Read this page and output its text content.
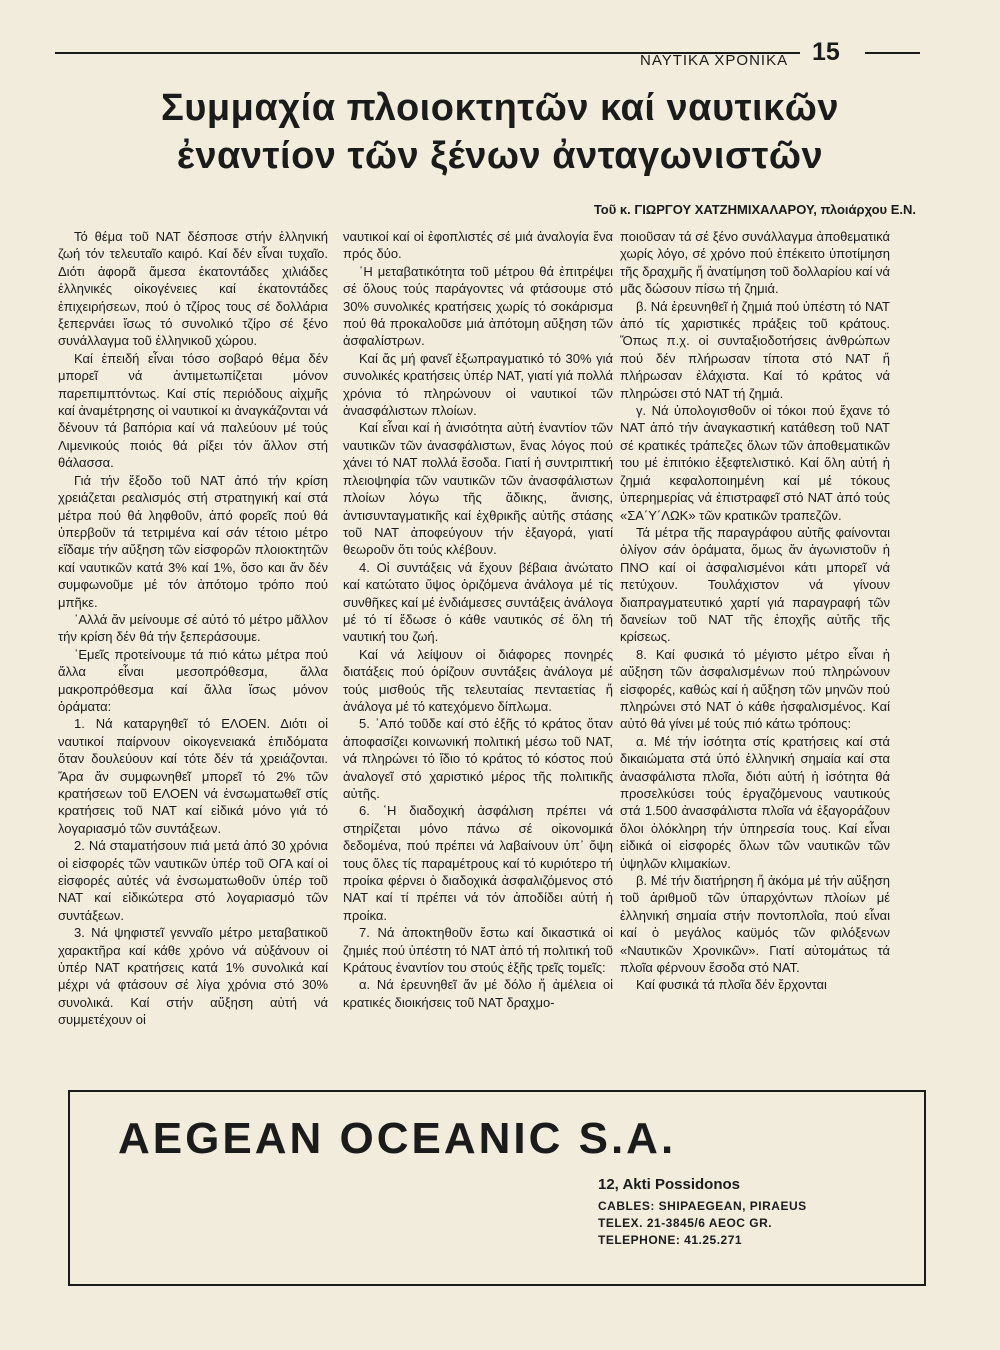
ΝΑΥΤΙΚΑ ΧΡΟΝΙΚΑ 15
Συμμαχία πλοιοκτητῶν καί ναυτικῶν
ἐναντίον τῶν ξένων ἀνταγωνιστῶν
Τοῦ κ. ΓΙΩΡΓΟΥ ΧΑΤΖΗΜΙΧΑΛΑΡΟΥ, πλοιάρχου Ε.Ν.

Τό θέμα τοῦ ΝΑΤ δέσποσε στήν ἑλληνική ζωή τόν τελευταῖο καιρό. Καί δέν εἶναι τυχαῖο. Διότι ἀφορᾶ ἄμεσα ἑκατοντάδες χιλιάδες ἑλληνικές οἰκογένειες καί ἑκατοντάδες ἐπιχειρήσεων, πού ὁ τζίρος τους σέ δολλάρια ξεπερνάει ἴσως τό συνολικό τζίρο σέ ξένο συνάλλαγμα τοῦ ἑλληνικοῦ χώρου.

Καί ἐπειδή εἶναι τόσο σοβαρό θέμα δέν μπορεῖ νά ἀντιμετωπίζεται μόνον παρεπιμπτόντως. Καί στίς περιόδους αἰχμῆς καί ἀναμέτρησης οἱ ναυτικοί κι ἀναγκάζονται νά δένουν τά βαπόρια καί νά παλεύουν μέ τούς Λιμενικούς ποιός θά ρίξει τόν ἄλλον στή θάλασσα.

Γιά τήν ἔξοδο τοῦ ΝΑΤ ἀπό τήν κρίση χρειάζεται ρεαλισμός στή στρατηγική καί στά μέτρα πού θά ληφθοῦν, ἀπό φορεῖς πού θά ὑπερβοῦν τά τετριμένα καί σάν τέτοιο μέτρο εἴδαμε τήν αὔξηση τῶν εἰσφορῶν πλοιοκτητῶν καί ναυτικῶν κατά 3% καί 1%, ὅσο και ἄν δέν συμφωνοῦμε μέ τόν ἀπότομο τρόπο πού μπῆκε.

᾿Αλλά ἄν μείνουμε σέ αὐτό τό μέτρο μᾶλλον τήν κρίση δέν θά τήν ξεπεράσουμε.

᾿Εμεῖς προτείνουμε τά πιό κάτω μέτρα πού ἄλλα εἶναι μεσοπρόθεσμα, ἄλλα μακροπρόθεσμα καί ἄλλα ἴσως μόνον ὁράματα:

1. Νά καταργηθεῖ τό ΕΛΟΕΝ. Διότι οἱ ναυτικοί παίρνουν οἰκογενειακά ἐπιδόματα ὅταν δουλεύουν καί τότε δέν τά χρειάζονται. Ἄρα ἄν συμφωνηθεῖ μπορεῖ τό 2% τῶν κρατήσεων τοῦ ΕΛΟΕΝ νά ἐνσωματωθεῖ στίς κρατήσεις τοῦ ΝΑΤ καί εἰδικά μόνο γιά τό λογαριασμό τῶν συντάξεων.

2. Νά σταματήσουν πιά μετά ἀπό 30 χρόνια οἱ εἰσφορές τῶν ναυτικῶν ὑπέρ τοῦ ΟΓΑ καί οἱ εἰσφορές αὐτές νά ἐνσωματωθοῦν ὑπέρ τοῦ ΝΑΤ καί εἰδικώτερα στό λογαριασμό τῶν συντάξεων.

3. Νά ψηφιστεῖ γενναῖο μέτρο μεταβατικοῦ χαρακτῆρα καί κάθε χρόνο νά αὐξάνουν οἱ ὑπέρ ΝΑΤ κρατήσεις κατά 1% συνολικά καί μέχρι νά φτάσουν σέ λίγα χρόνια στό 30% συνολικά. Καί στήν αὔξηση αὐτή νά συμμετέχουν οἱ

ναυτικοί καί οἱ ἐφοπλιστές σέ μιά ἀναλογία ἕνα πρός δύο.

῾Η μεταβατικότητα τοῦ μέτρου θά ἐπιτρέψει σέ ὅλους τούς παράγοντες νά φτάσουμε στό 30% συνολικές κρατήσεις χωρίς τό σοκάρισμα πού θά προκαλοῦσε μιά ἀπότομη αὔξηση τῶν ἀσφαλίστρων.

Καί ἄς μή φανεῖ ἐξωπραγματικό τό 30% γιά συνολικές κρατήσεις ὑπέρ ΝΑΤ, γιατί γιά πολλά χρόνια τό πληρώνουν οἱ ναυτικοί τῶν ἀνασφάλιστων πλοίων.

Καί εἶναι καί ἡ ἀνισότητα αὐτή ἐναντίον τῶν ναυτικῶν τῶν ἀνασφάλιστων, ἕνας λόγος πού χάνει τό ΝΑΤ πολλά ἔσοδα. Γιατί ἡ συντριπτική πλειοψηφία τῶν ναυτικῶν τῶν ἀνασφάλιστων πλοίων λόγω τῆς ἄδικης, ἄνισης, ἀντισυνταγματικῆς καί ἐχθρικῆς αὐτῆς στάσης τοῦ ΝΑΤ ἀποφεύγουν τήν ἐξαγορά, γιατί θεωροῦν ὅτι τούς κλέβουν.

4. Οἱ συντάξεις νά ἔχουν βέβαια ἀνώτατο καί κατώτατο ὕψος ὁριζόμενα ἀνάλογα μέ τίς συνθῆκες καί μέ ἐνδιάμεσες συντάξεις ἀνάλογα μέ τό τί ἔδωσε ὁ κάθε ναυτικός σέ ὅλη τή ναυτική του ζωή.

Καί νά λείψουν οἱ διάφορες πονηρές διατάξεις πού ὁρίζουν συντάξεις ἀνάλογα μέ τούς μισθούς τῆς τελευταίας πενταετίας ἤ ἀνάλογα μέ τό κατεχόμενο δίπλωμα.

5. ᾿Από τοῦδε καί στό ἑξῆς τό κράτος ὅταν ἀποφασίζει κοινωνική πολιτική μέσω τοῦ ΝΑΤ, νά πληρώνει τό ἴδιο τό κράτος τό κόστος πού ἀναλογεῖ στό χαριστικό μέρος τῆς πολιτικῆς αὐτῆς.

6. ῾Η διαδοχική ἀσφάλιση πρέπει νά στηρίζεται μόνο πάνω σέ οἰκονομικά δεδομένα, πού πρέπει νά λαβαίνουν ὑπ᾿ ὄψη τους ὅλες τίς παραμέτρους καί τό κυριότερο τή προίκα φέρνει ὁ διαδοχικά ἀσφαλιζόμενος στό ΝΑΤ καί τί πρέπει νά τόν ἀποδίδει αὐτή ἡ προίκα.

7. Νά ἀποκτηθοῦν ἔστω καί δικαστικά οἱ ζημιές πού ὑπέστη τό ΝΑΤ ἀπό τή πολιτική τοῦ Κράτους ἐναντίον του στούς ἑξῆς τρεῖς τομεῖς:

α. Νά ἐρευνηθεῖ ἄν μέ δόλο ἤ ἀμέλεια οἱ κρατικές διοικήσεις τοῦ ΝΑΤ δραχμο-

ποιοῦσαν τά σέ ξένο συνάλλαγμα ἀποθεματικά χωρίς λόγο, σέ χρόνο πού ἐπέκειτο ὑποτίμηση τῆς δραχμῆς ἤ ἀνατίμηση τοῦ δολλαρίου καί νά μᾶς δώσουν πίσω τή ζημιά.

β. Νά ἐρευνηθεῖ ἡ ζημιά πού ὑπέστη τό ΝΑΤ ἀπό τίς χαριστικές πράξεις τοῦ κράτους. Ὅπως π.χ. οἱ συνταξιοδοτήσεις ἀνθρώπων πού δέν πλήρωσαν τίποτα στό ΝΑΤ ἤ πλήρωσαν ἐλάχιστα. Καί τό κράτος νά πληρώσει στό ΝΑΤ τή ζημιά.

γ. Νά ὑπολογισθοῦν οἱ τόκοι πού ἔχανε τό ΝΑΤ ἀπό τήν ἀναγκαστική κατάθεση τοῦ ΝΑΤ σέ κρατικές τράπεζες ὅλων τῶν ἀποθεματικῶν του μέ ἐπιτόκιο ἐξεφτελιστικό. Καί ὅλη αὐτή ἡ ζημιά κεφαλοποιημένη καί μέ τόκους ὑπερημερίας νά ἐπιστραφεῖ στό ΝΑΤ ἀπό τούς «ΣΑ΄Υ΄ΛΩΚ» τῶν κρατικῶν τραπεζῶν.

Τά μέτρα τῆς παραγράφου αὐτῆς φαίνονται ὀλίγον σάν ὁράματα, ὅμως ἄν ἀγωνιστοῦν ἡ ΠΝΟ καί οἱ ἀσφαλισμένοι κάτι μπορεῖ νά πετύχουν. Τουλάχιστον νά γίνουν διαπραγματευτικό χαρτί γιά παραγραφή τῶν δανείων τοῦ ΝΑΤ τῆς ἐποχῆς αὐτῆς τῆς κρίσεως.

8. Καί φυσικά τό μέγιστο μέτρο εἶναι ἡ αὔξηση τῶν ἀσφαλισμένων πού πληρώνουν εἰσφορές, καθώς καί ἡ αὔξηση τῶν μηνῶν πού πληρώνει στό ΝΑΤ ὁ κάθε ἠσφαλισμένος. Καί αὐτό θά γίνει μέ τούς πιό κάτω τρόπους:

α. Μέ τήν ἰσότητα στίς κρατήσεις καί στά δικαιώματα στά ὑπό ἑλληνική σημαία καί στα ἀνασφάλιστα πλοῖα, διότι αὐτή ἡ ἰσότητα θά προσελκύσει τούς ἐργαζόμενους ναυτικούς στά 1.500 ἀνασφάλιστα πλοῖα νά ἐξαγοράζουν ὅλοι ὁλόκληρη τήν ὑπηρεσία τους. Καί εἶναι εἰδικά οἱ εἰσφορές ὅλων τῶν ναυτικῶν τῶν ὑψηλῶν κλιμακίων.

β. Μέ τήν διατήρηση ἤ ἀκόμα μέ τήν αὔξηση τοῦ ἀριθμοῦ τῶν ὑπαρχόντων πλοίων μέ ἑλληνική σημαία στήν ποντοπλοΐα, πού εἶναι καί ὁ μεγάλος καϋμός τῶν φιλόξενων «Ναυτικῶν Χρονικῶν». Γιατί αὐτομάτως τά πλοῖα φέρνουν ἔσοδα στό ΝΑΤ.

Καί φυσικά τά πλοῖα δέν ἔρχονται

AEGEAN OCEANIC S.A.
12, Akti Possidonos
CABLES: SHIPAEGEAN, PIRAEUS
TELEX. 21-3845/6 AEOC GR.
TELEPHONE: 41.25.271
